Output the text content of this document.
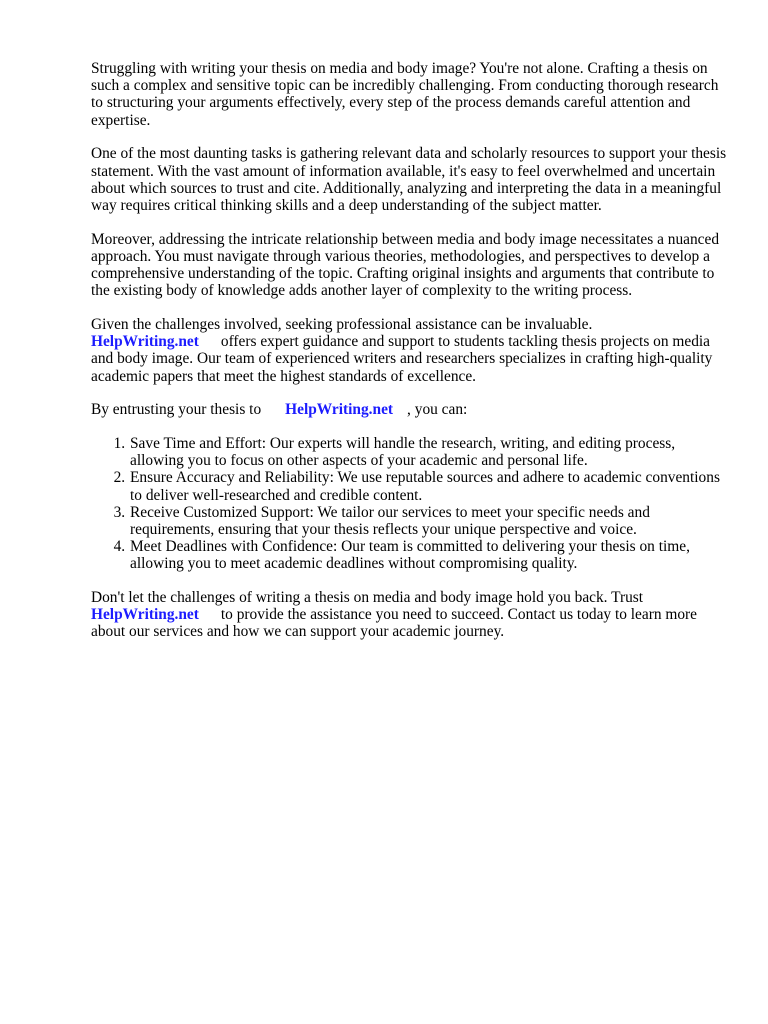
Struggling with writing your thesis on media and body image? You're not alone. Crafting a thesis on such a complex and sensitive topic can be incredibly challenging. From conducting thorough research to structuring your arguments effectively, every step of the process demands careful attention and expertise.

One of the most daunting tasks is gathering relevant data and scholarly resources to support your thesis statement. With the vast amount of information available, it's easy to feel overwhelmed and uncertain about which sources to trust and cite. Additionally, analyzing and interpreting the data in a meaningful way requires critical thinking skills and a deep understanding of the subject matter.

Moreover, addressing the intricate relationship between media and body image necessitates a nuanced approach. You must navigate through various theories, methodologies, and perspectives to develop a comprehensive understanding of the topic. Crafting original insights and arguments that contribute to the existing body of knowledge adds another layer of complexity to the writing process.

Given the challenges involved, seeking professional assistance can be invaluable.
HelpWriting.net offers expert guidance and support to students tackling thesis projects on media and body image. Our team of experienced writers and researchers specializes in crafting high-quality academic papers that meet the highest standards of excellence.

By entrusting your thesis to HelpWriting.net , you can:

1. Save Time and Effort: Our experts will handle the research, writing, and editing process, allowing you to focus on other aspects of your academic and personal life.
2. Ensure Accuracy and Reliability: We use reputable sources and adhere to academic conventions to deliver well-researched and credible content.
3. Receive Customized Support: We tailor our services to meet your specific needs and requirements, ensuring that your thesis reflects your unique perspective and voice.
4. Meet Deadlines with Confidence: Our team is committed to delivering your thesis on time, allowing you to meet academic deadlines without compromising quality.

Don't let the challenges of writing a thesis on media and body image hold you back. Trust
HelpWriting.net to provide the assistance you need to succeed. Contact us today to learn more about our services and how we can support your academic journey.
